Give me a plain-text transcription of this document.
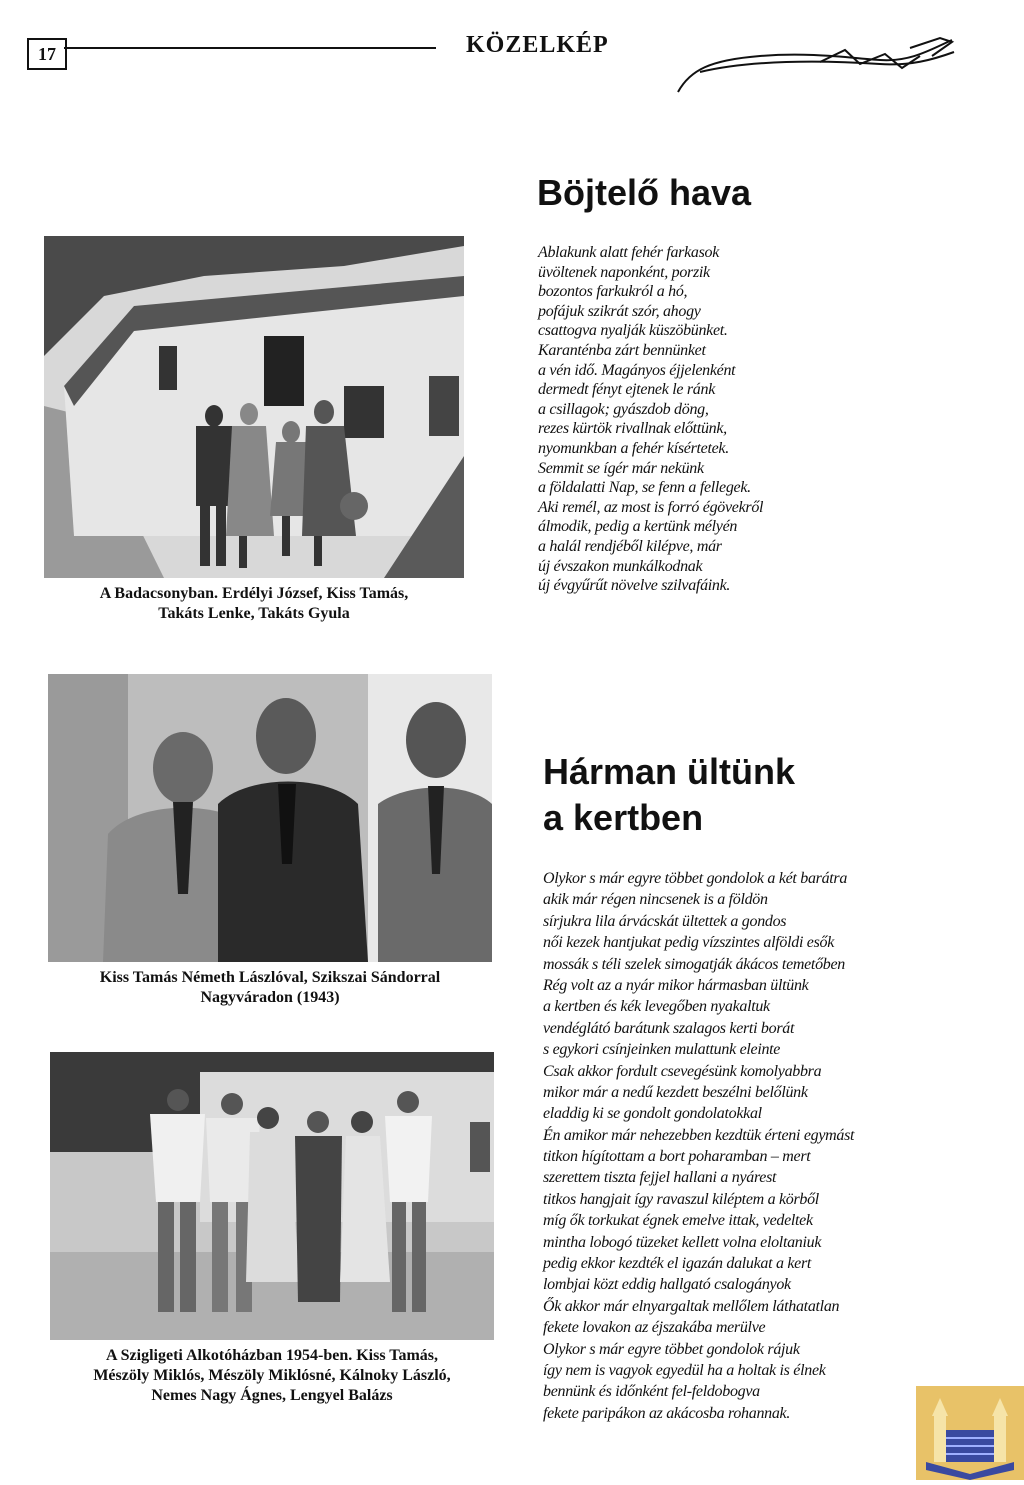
17	KÖZELKÉP
Böjtelő hava
Ablakunk alatt fehér farkasok
üvöltenek naponként, porzik
bozontos farkukról a hó,
pofájuk szikrát szór, ahogy
csattogva nyalják küszöbünket.
Karanténba zárt bennünket
a vén idő. Magányos éjjelenként
dermedt fényt ejtenek le ránk
a csillagok; gyászdob döng,
rezes kürtök rivallnak előttünk,
nyomunkban a fehér kísértetek.
Semmit se ígér már nekünk
a földalatti Nap, se fenn a fellegek.
Aki remél, az most is forró égövekről
álmodik, pedig a kertünk mélyén
a halál rendjéből kilépve, már
új évszakon munkálkodnak
új évgyűrűt növelve szilvafáink.
A Badacsonyban. Erdélyi József, Kiss Tamás,
Takáts Lenke, Takáts Gyula
Hárman ültünk
a kertben
Olykor s már egyre többet gondolok a két barátra
akik már régen nincsenek is a földön
sírjukra lila árvácskát ültettek a gondos
női kezek hantjukat pedig vízszintes alföldi esők
mossák s téli szelek simogatják ákácos temetőben
Rég volt az a nyár mikor hármasban ültünk
a kertben és kék levegőben nyakaltuk
vendéglátó barátunk szalagos kerti borát
s egykori csínjeinken mulattunk eleinte
Csak akkor fordult csevegésünk komolyabbra
mikor már a nedű kezdett beszélni belőlünk
eladdig ki se gondolt gondolatokkal
Én amikor már nehezebben kezdtük érteni egymást
titkon hígítottam a bort poharamban – mert
szerettem tiszta fejjel hallani a nyárest
titkos hangjait így ravaszul kiléptem a körből
míg ők torkukat égnek emelve ittak, vedeltek
mintha lobogó tüzeket kellett volna eloltaniuk
pedig ekkor kezdték el igazán dalukat a kert
lombjai közt eddig hallgató csalogányok
Ők akkor már elnyargaltak mellőlem láthatatlan
fekete lovakon az éjszakába merülve
Olykor s már egyre többet gondolok rájuk
így nem is vagyok egyedül ha a holtak is élnek
bennünk és időnként fel-feldobogva
fekete paripákon az akácosba rohannak.
Kiss Tamás Németh Lászlóval, Szikszai Sándorral
Nagyváradon (1943)
A Szigligeti Alkotóházban 1954-ben. Kiss Tamás,
Mészöly Miklós, Mészöly Miklósné, Kálnoky László,
Nemes Nagy Ágnes, Lengyel Balázs
